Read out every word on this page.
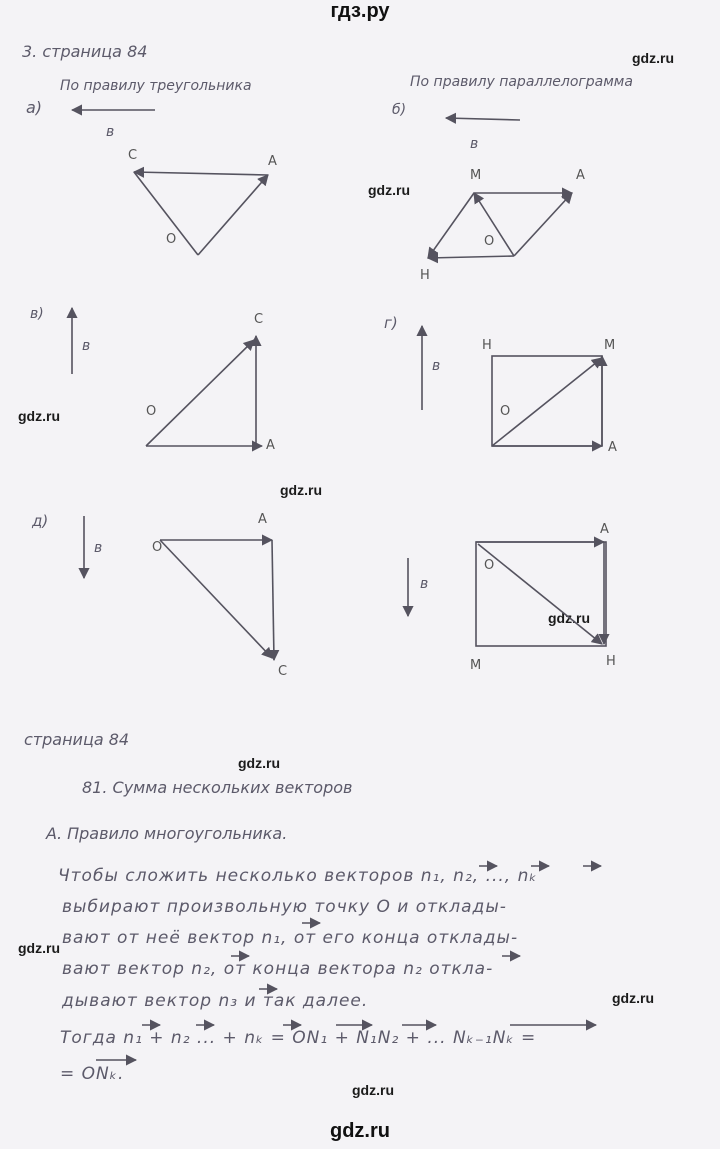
гдз.ру
gdz.ru
gdz.ru
gdz.ru
gdz.ru
gdz.ru
gdz.ru
gdz.ru
gdz.ru
gdz.ru
3. страница 84
По правилу треугольника
а)
в
C	A
O
По правилу параллелограмма
б)
в
M	A
O
H
в)
в
C
O
A
г)
в
H	M
O
A
д)
в
A
O
C
в
A
O
M	H
страница 84
81. Сумма нескольких векторов
А. Правило многоугольника.
Чтобы сложить несколько векторов n₁, n₂, ..., nₖ
выбирают произвольную точку O и отклады-
вают от неё вектор n₁, от его конца отклады-
вают вектор n₂, от конца вектора n₂ откла-
дывают вектор n₃ и так далее.
Тогда n₁ + n₂ ... + nₖ = ON₁ + N₁N₂ + ... Nₖ₋₁Nₖ =
= ONₖ.
gdz.ru
